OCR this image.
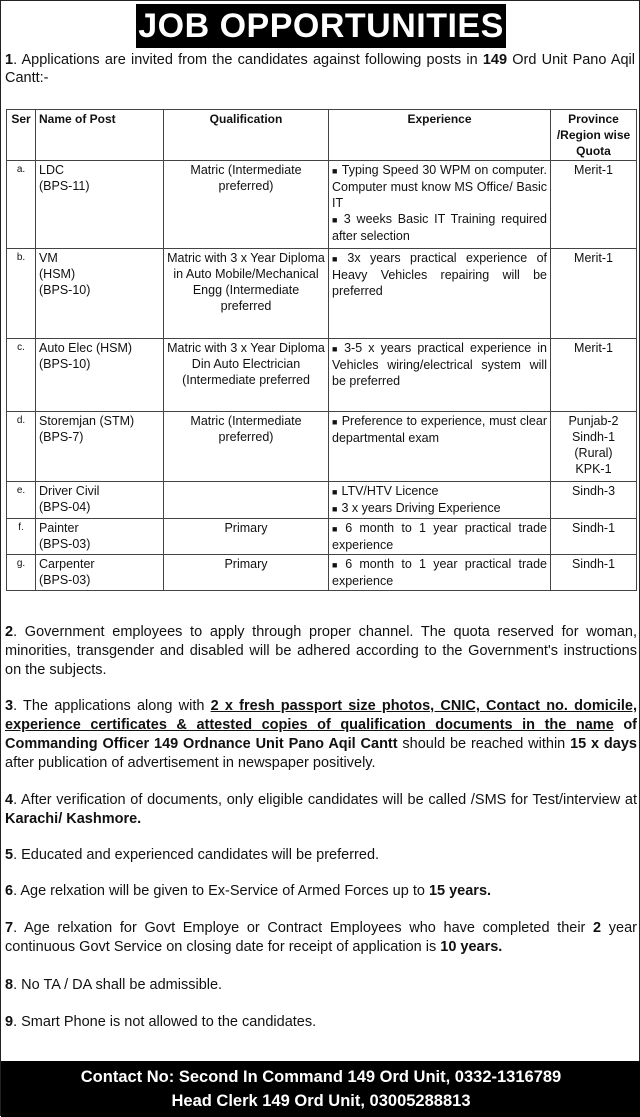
JOB OPPORTUNITIES
1. Applications are invited from the candidates against following posts in 149 Ord Unit Pano Aqil Cantt:-
Ser	Name of Post	Qualification	Experience	Province /Region wise Quota
a.	LDC
(BPS-11)	Matric (Intermediate preferred)	■ Typing Speed 30 WPM on computer. Computer must know MS Office/ Basic IT
■ 3 weeks Basic IT Training required after selection	Merit-1

b.	VM
(HSM)
(BPS-10)	Matric with 3 x Year Diploma in Auto Mobile/Mechanical Engg (Intermediate preferred	■ 3x years practical experience of Heavy Vehicles repairing will be preferred	Merit-1

c.	Auto Elec (HSM)
(BPS-10)	Matric with 3 x Year Diploma Din Auto Electrician (Intermediate preferred	■ 3-5 x years practical experience in Vehicles wiring/electrical system will be preferred	Merit-1

d.	Storemjan (STM)
(BPS-7)	Matric (Intermediate preferred)	■ Preference to experience, must clear departmental exam	Punjab-2
Sindh-1
(Rural)
KPK-1

e.	Driver Civil
(BPS-04)		■ LTV/HTV Licence
■ 3 x years Driving Experience	Sindh-3

f.	Painter
(BPS-03)	Primary	■ 6 month to 1 year practical trade experience	Sindh-1

g.	Carpenter
(BPS-03)	Primary	■ 6 month to 1 year practical trade experience	Sindh-1

2. Government employees to apply through proper channel. The quota reserved for woman, minorities, transgender and disabled will be adhered according to the Government's instructions on the subjects.

3. The applications along with 2 x fresh passport size photos, CNIC, Contact no. domicile, experience certificates & attested copies of qualification documents in the name of Commanding Officer 149 Ordnance Unit Pano Aqil Cantt should be reached within 15 x days after publication of advertisement in newspaper positively.

4. After verification of documents, only eligible candidates will be called /SMS for Test/interview at Karachi/ Kashmore.

5. Educated and experienced candidates will be preferred.

6. Age relxation will be given to Ex-Service of Armed Forces up to 15 years.

7. Age relxation for Govt Employe or Contract Employees who have completed their 2 year continuous Govt Service on closing date for receipt of application is 10 years.

8. No TA / DA shall be admissible.

9. Smart Phone is not allowed to the candidates.

Contact No: Second In Command 149 Ord Unit, 0332-1316789
Head Clerk 149 Ord Unit, 03005288813
